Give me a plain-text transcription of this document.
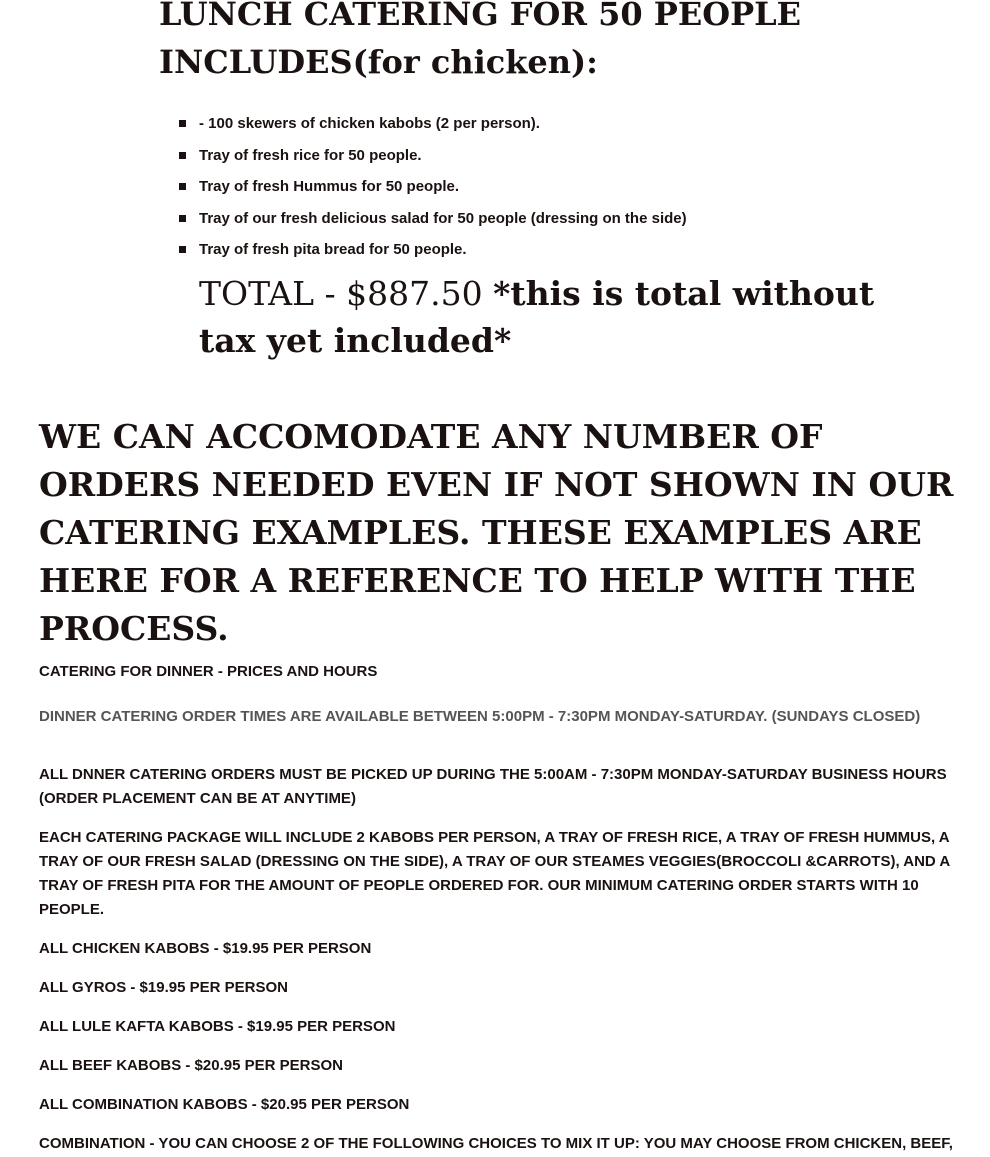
LUNCH CATERING FOR 50 PEOPLE INCLUDES(for chicken):
- 100 skewers of chicken kabobs (2 per person).
Tray of fresh rice for 50 people.
Tray of fresh Hummus for 50 people.
Tray of our fresh delicious salad for 50 people (dressing on the side)
Tray of fresh pita bread for 50 people.

TOTAL - $887.50 *this is total without tax yet included*

WE CAN ACCOMODATE ANY NUMBER OF ORDERS NEEDED EVEN IF NOT SHOWN IN OUR CATERING EXAMPLES. THESE EXAMPLES ARE HERE FOR A REFERENCE TO HELP WITH THE PROCESS.

CATERING FOR DINNER - PRICES AND HOURS

DINNER CATERING ORDER TIMES ARE AVAILABLE BETWEEN 5:00PM - 7:30PM MONDAY-SATURDAY. (SUNDAYS CLOSED)

ALL DNNER CATERING ORDERS MUST BE PICKED UP DURING THE 5:00AM - 7:30PM MONDAY-SATURDAY BUSINESS HOURS (ORDER PLACEMENT CAN BE AT ANYTIME)

EACH CATERING PACKAGE WILL INCLUDE 2 KABOBS PER PERSON, A TRAY OF FRESH RICE, A TRAY OF FRESH HUMMUS, A TRAY OF OUR FRESH SALAD (DRESSING ON THE SIDE), A TRAY OF OUR STEAMES VEGGIES(BROCCOLI &CARROTS), AND A TRAY OF FRESH PITA FOR THE AMOUNT OF PEOPLE ORDERED FOR. OUR MINIMUM CATERING ORDER STARTS WITH 10 PEOPLE.

ALL CHICKEN KABOBS - $19.95 PER PERSON

ALL GYROS - $19.95 PER PERSON

ALL LULE KAFTA KABOBS - $19.95 PER PERSON

ALL BEEF KABOBS - $20.95 PER PERSON

ALL COMBINATION KABOBS - $20.95 PER PERSON

COMBINATION - YOU CAN CHOOSE 2 OF THE FOLLOWING CHOICES TO MIX IT UP: YOU MAY CHOOSE FROM CHICKEN, BEEF,
